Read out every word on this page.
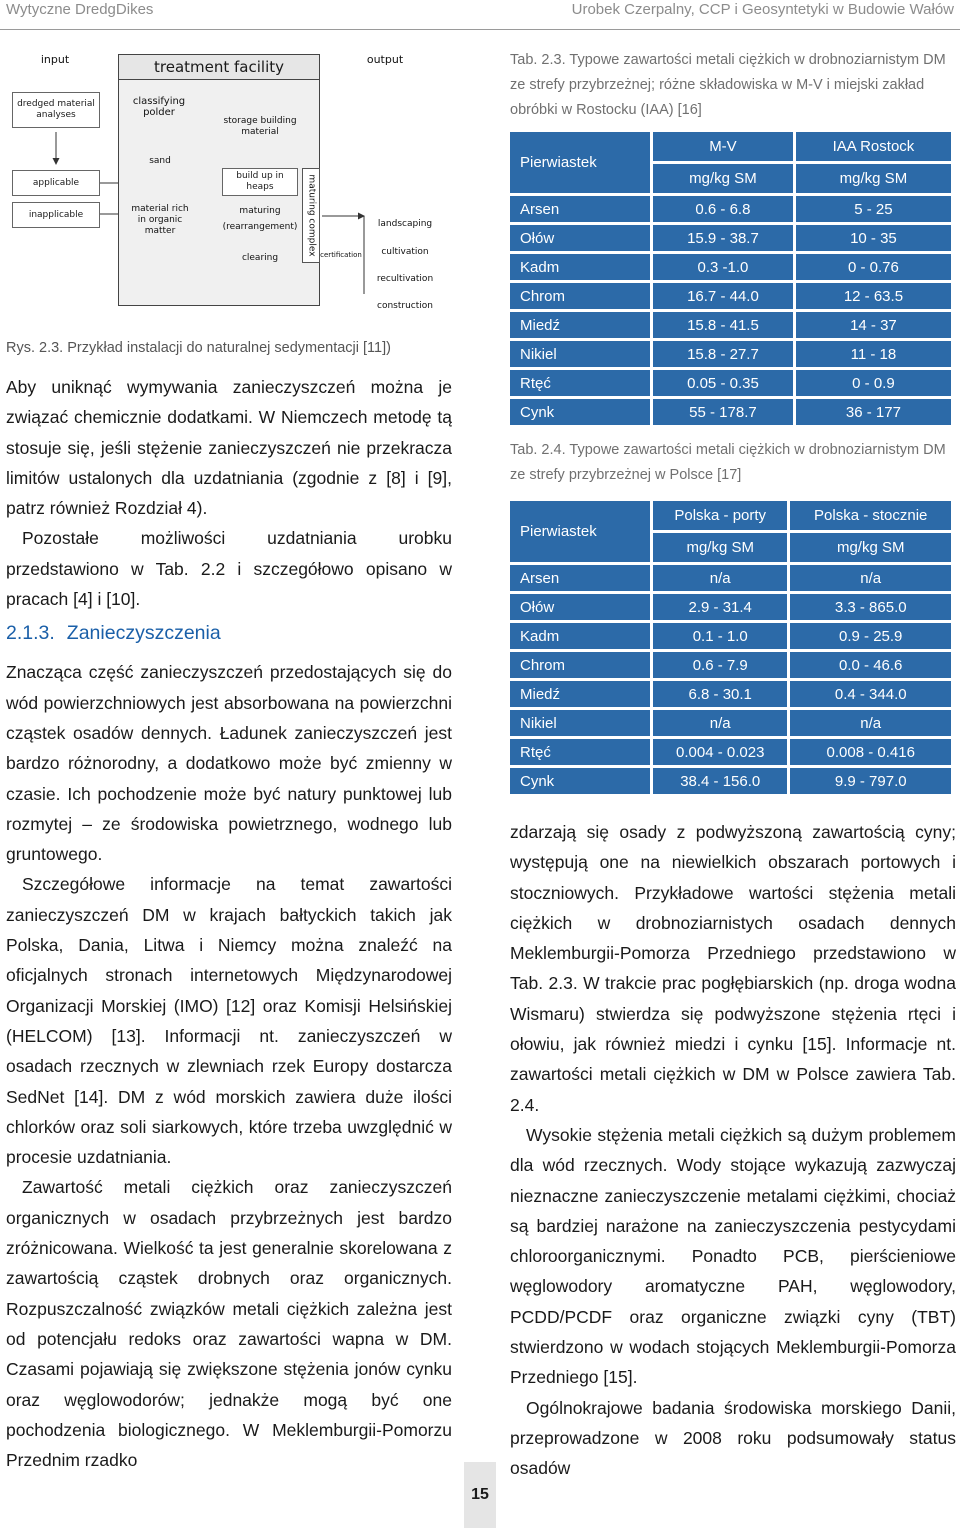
Wytyczne DredgDikes	Urobek Czerpalny, CCP i Geosyntetyki w Budowie Wałów
input	output
treatment facility
dredged material analyses
applicable
inapplicable
classifying polder
sand
material rich in organic matter
storage building material
build up in heaps
maturing
(rearrangement)
clearing
maturing complex certification
landscaping
cultivation
recultivation
construction
Rys. 2.3. Przykład instalacji do naturalnej sedymentacji [11])
Aby uniknąć wymywania zanieczyszczeń można je związać chemicznie dodatkami. W Niemczech metodę tą stosuje się, jeśli stężenie zanieczyszczeń nie przekracza limitów ustalonych dla uzdatniania (zgodnie z [8] i [9], patrz również Rozdział 4).
Pozostałe możliwości uzdatniania urobku przedstawiono w Tab. 2.2 i szczegółowo opisano w pracach [4] i [10].
2.1.3. Zanieczyszczenia
Znacząca część zanieczyszczeń przedostających się do wód powierzchniowych jest absorbowana na powierzchni cząstek osadów dennych. Ładunek zanieczyszczeń jest bardzo różnorodny, a dodatkowo może być zmienny w czasie. Ich pochodzenie może być natury punktowej lub rozmytej – ze środowiska powietrznego, wodnego lub gruntowego.
Szczegółowe informacje na temat zawartości zanieczyszczeń DM w krajach bałtyckich takich jak Polska, Dania, Litwa i Niemcy można znaleźć na oficjalnych stronach internetowych Międzynarodowej Organizacji Morskiej (IMO) [12] oraz Komisji Helsińskiej (HELCOM) [13]. Informacji nt. zanieczyszczeń w osadach rzecznych w zlewniach rzek Europy dostarcza SedNet [14]. DM z wód morskich zawiera duże ilości chlorków oraz soli siarkowych, które trzeba uwzględnić w procesie uzdatniania.
Zawartość metali ciężkich oraz zanieczyszczeń organicznych w osadach przybrzeżnych jest bardzo zróżnicowana. Wielkość ta jest generalnie skorelowana z zawartością cząstek drobnych oraz organicznych. Rozpuszczalność związków metali ciężkich zależna jest od potencjału redoks oraz zawartości wapna w DM. Czasami pojawiają się zwiększone stężenia jonów cynku oraz węglowodorów; jednakże mogą być one pochodzenia biologicznego. W Meklemburgii-Pomorzu Przednim rzadko
Tab. 2.3. Typowe zawartości metali ciężkich w drobnoziarnistym DM ze strefy przybrzeżnej; różne składowiska w M-V i miejski zakład obróbki w Rostocku (IAA) [16]
Pierwiastek	M-V	IAA Rostock
	mg/kg SM	mg/kg SM
Arsen	0.6 - 6.8	5 - 25
Ołów	15.9 - 38.7	10 - 35
Kadm	0.3 -1.0	0 - 0.76
Chrom	16.7 - 44.0	12 - 63.5
Miedź	15.8 - 41.5	14 - 37
Nikiel	15.8 - 27.7	11 - 18
Rtęć	0.05 - 0.35	0 - 0.9
Cynk	55 - 178.7	36 - 177
Tab. 2.4. Typowe zawartości metali ciężkich w drobnoziarnistym DM ze strefy przybrzeżnej w Polsce [17]
Pierwiastek	Polska - porty	Polska - stocznie
	mg/kg SM	mg/kg SM
Arsen	n/a	n/a
Ołów	2.9 - 31.4	3.3 - 865.0
Kadm	0.1 - 1.0	0.9 - 25.9
Chrom	0.6 - 7.9	0.0 - 46.6
Miedź	6.8 - 30.1	0.4 - 344.0
Nikiel	n/a	n/a
Rtęć	0.004 - 0.023	0.008 - 0.416
Cynk	38.4 - 156.0	9.9 - 797.0
zdarzają się osady z podwyższoną zawartością cyny; występują one na niewielkich obszarach portowych i stoczniowych. Przykładowe wartości stężenia metali ciężkich w drobnoziarnistych osadach dennych Meklemburgii-Pomorza Przedniego przedstawiono w Tab. 2.3. W trakcie prac pogłębiarskich (np. droga wodna Wismaru) stwierdza się podwyższone stężenia rtęci i ołowiu, jak również miedzi i cynku [15]. Informacje nt. zawartości metali ciężkich w DM w Polsce zawiera Tab. 2.4.
Wysokie stężenia metali ciężkich są dużym problemem dla wód rzecznych. Wody stojące wykazują zazwyczaj nieznaczne zanieczyszczenie metalami ciężkimi, chociaż są bardziej narażone na zanieczyszczenia pestycydami chloroorganicznymi. Ponadto PCB, pierścieniowe węglowodory aromatyczne PAH, węglowodory, PCDD/PCDF oraz organiczne związki cyny (TBT) stwierdzono w wodach stojących Meklemburgii-Pomorza Przedniego [15].
Ogólnokrajowe badania środowiska morskiego Danii, przeprowadzone w 2008 roku podsumowały status osadów
15
